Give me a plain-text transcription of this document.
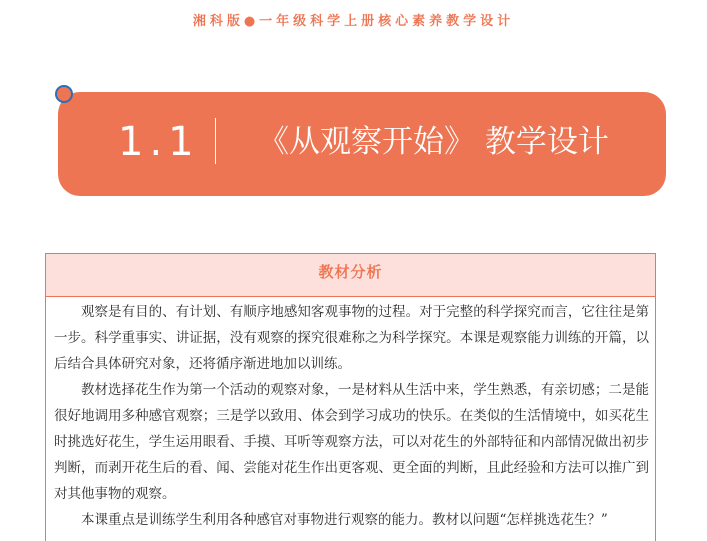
湘科版●一年级科学上册核心素养教学设计
1.1 《从观察开始》 教学设计
教材分析

观察是有目的、有计划、有顺序地感知客观事物的过程。对于完整的科学探究而言，它往往是第一步。科学重事实、讲证据，没有观察的探究很难称之为科学探究。本课是观察能力训练的开篇，以后结合具体研究对象，还将循序渐进地加以训练。

教材选择花生作为第一个活动的观察对象，一是材料从生活中来，学生熟悉，有亲切感；二是能很好地调用多种感官观察；三是学以致用、体会到学习成功的快乐。在类似的生活情境中，如买花生时挑选好花生，学生运用眼看、手摸、耳听等观察方法，可以对花生的外部特征和内部情况做出初步判断，而剥开花生后的看、闻、尝能对花生作出更客观、更全面的判断，且此经验和方法可以推广到对其他事物的观察。

本课重点是训练学生利用各种感官对事物进行观察的能力。教材以问题“怎样挑选花生？”
